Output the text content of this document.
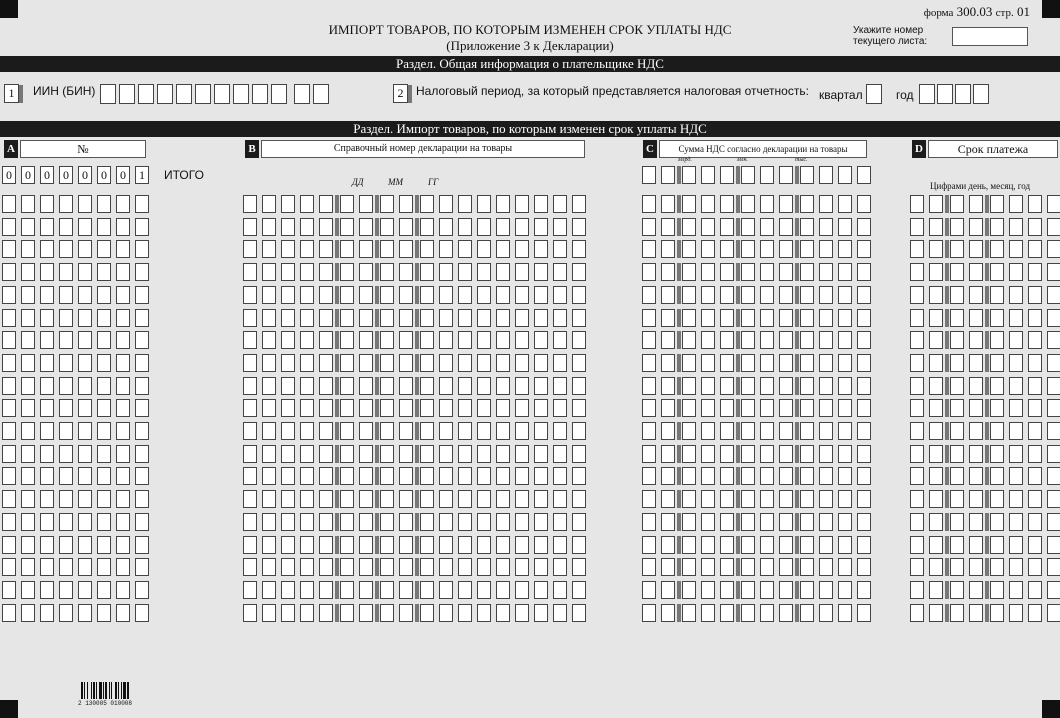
форма 300.03 стр. 01
ИМПОРТ ТОВАРОВ, ПО КОТОРЫМ ИЗМЕНЕН СРОК УПЛАТЫ НДС
(Приложение 3 к Декларации)
Укажите номер
текущего листа:
Раздел. Общая информация о плательщике НДС
1	ИИН (БИН)	2	Налоговый период, за который представляется налоговая отчетность: квартал	год
Раздел. Импорт товаров, по которым изменен срок уплаты НДС
A	№	B	Справочный номер декларации на товары	C	Сумма НДС согласно декларации на товары	D	Срок платежа
0	0	0	0	0	0	0	1	ИТОГО	ДД	ММ	ГГ
млрд.	млн.	тыс.
Цифрами день, месяц, год
2 130005 010008
